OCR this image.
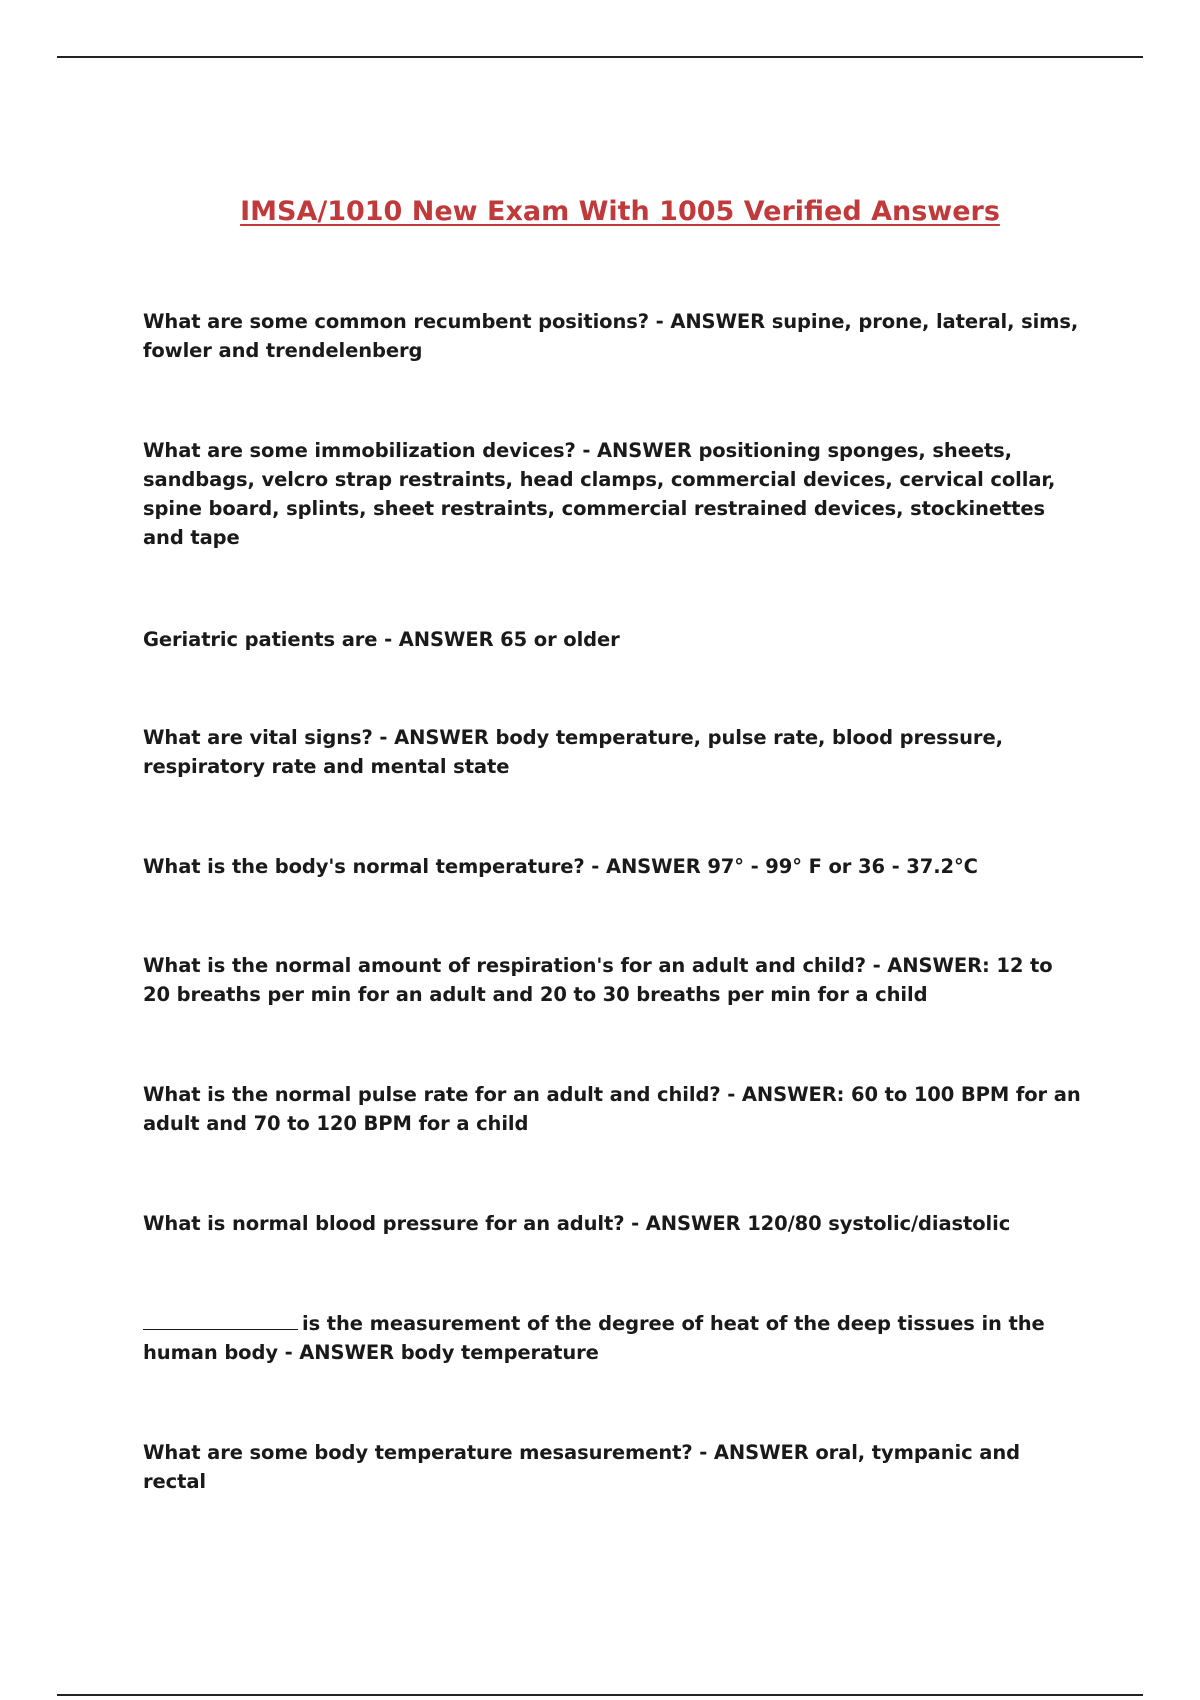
IMSA/1010 New Exam With 1005 Verified Answers

What are some common recumbent positions? - ANSWER supine, prone, lateral, sims, fowler and trendelenberg

What are some immobilization devices? - ANSWER positioning sponges, sheets, sandbags, velcro strap restraints, head clamps, commercial devices, cervical collar, spine board, splints, sheet restraints, commercial restrained devices, stockinettes and tape

Geriatric patients are - ANSWER 65 or older

What are vital signs? - ANSWER body temperature, pulse rate, blood pressure, respiratory rate and mental state

What is the body's normal temperature? - ANSWER 97° - 99° F or 36 - 37.2°C

What is the normal amount of respiration's for an adult and child? - ANSWER: 12 to 20 breaths per min for an adult and 20 to 30 breaths per min for a child

What is the normal pulse rate for an adult and child? - ANSWER: 60 to 100 BPM for an adult and 70 to 120 BPM for a child

What is normal blood pressure for an adult? - ANSWER 120/80 systolic/diastolic

is the measurement of the degree of heat of the deep tissues in the human body - ANSWER body temperature

What are some body temperature mesasurement? - ANSWER oral, tympanic and rectal
